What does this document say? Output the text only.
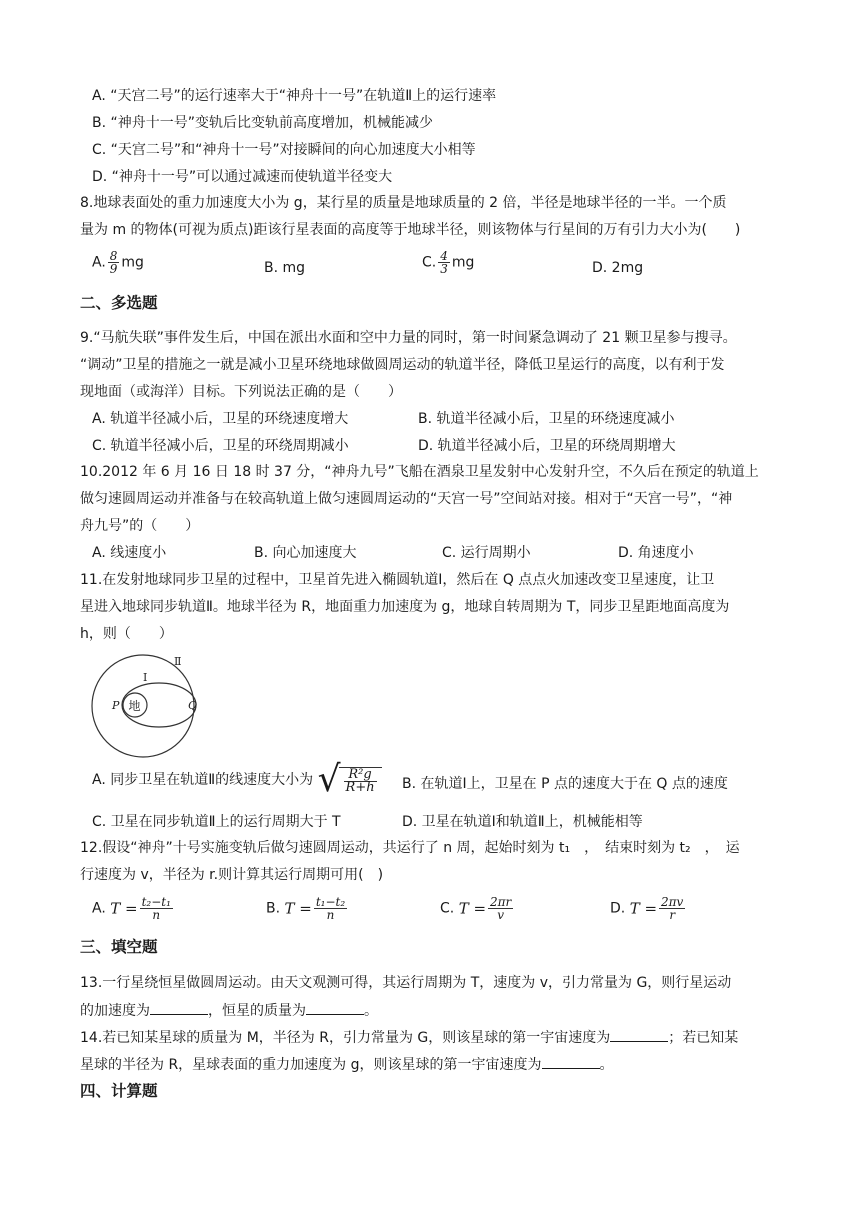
A. “天宫二号”的运行速率大于“神舟十一号”在轨道Ⅱ上的运行速率
B. “神舟十一号”变轨后比变轨前高度增加，机械能减少
C. “天宫二号”和“神舟十一号”对接瞬间的向心加速度大小相等
D. “神舟十一号”可以通过减速而使轨道半径变大
8.地球表面处的重力加速度大小为 g，某行星的质量是地球质量的 2 倍，半径是地球半径的一半。一个质
量为 m 的物体(可视为质点)距该行星表面的高度等于地球半径，则该物体与行星间的万有引力大小为(　　)
A. $\frac{8}{9}$ mg	B. mg	C. $\frac{4}{3}$ mg	D. 2mg
二、多选题
9.“马航失联”事件发生后，中国在派出水面和空中力量的同时，第一时间紧急调动了 21 颗卫星参与搜寻。
“调动”卫星的措施之一就是减小卫星环绕地球做圆周运动的轨道半径，降低卫星运行的高度，以有利于发
现地面（或海洋）目标。下列说法正确的是（　　）
A. 轨道半径减小后，卫星的环绕速度增大	B. 轨道半径减小后，卫星的环绕速度减小
C. 轨道半径减小后，卫星的环绕周期减小	D. 轨道半径减小后，卫星的环绕周期增大
10.2012 年 6 月 16 日 18 时 37 分，“神舟九号”飞船在酒泉卫星发射中心发射升空，不久后在预定的轨道上
做匀速圆周运动并准备与在较高轨道上做匀速圆周运动的“天宫一号”空间站对接。相对于“天宫一号”，“神
舟九号”的（　　）
A. 线速度小	B. 向心加速度大	C. 运行周期小	D. 角速度小
11.在发射地球同步卫星的过程中，卫星首先进入椭圆轨道Ⅰ，然后在 Q 点点火加速改变卫星速度，让卫
星进入地球同步轨道Ⅱ。地球半径为 R，地面重力加速度为 g，地球自转周期为 T，同步卫星距地面高度为
h，则（　　）
地
P	Q
Ⅰ
Ⅱ
A. 同步卫星在轨道Ⅱ的线速度大小为 √ $\frac{\text{R²g}}{R+h} B$. 在轨道Ⅰ上，卫星在 P 点的速度大于在 Q 点的速度
C. 卫星在同步轨道Ⅱ上的运行周期大于 T	D. 卫星在轨道Ⅰ和轨道Ⅱ上，机械能相等
12.假设“神舟”十号实施变轨后做匀速圆周运动，共运行了 n 周，起始时刻为 t₁　，　结束时刻为 t₂　，　运
行速度为 v，半径为 r.则计算其运行周期可用(　)
A. $T = \frac{\text{t₂−t₁}}{n}$	B. $T = \frac{\text{t₁−t₂}}{n}$	C. $T = \frac{2\pi r}{v}$	D. $T = \frac{2\pi v}{r}$
三、填空题
13.一行星绕恒星做圆周运动。由天文观测可得，其运行周期为 T，速度为 v，引力常量为 G，则行星运动
的加速度为	，恒星的质量为	。
14.若已知某星球的质量为 M，半径为 R，引力常量为 G，则该星球的第一宇宙速度为	；若已知某
星球的半径为 R，星球表面的重力加速度为 g，则该星球的第一宇宙速度为	。
四、计算题
